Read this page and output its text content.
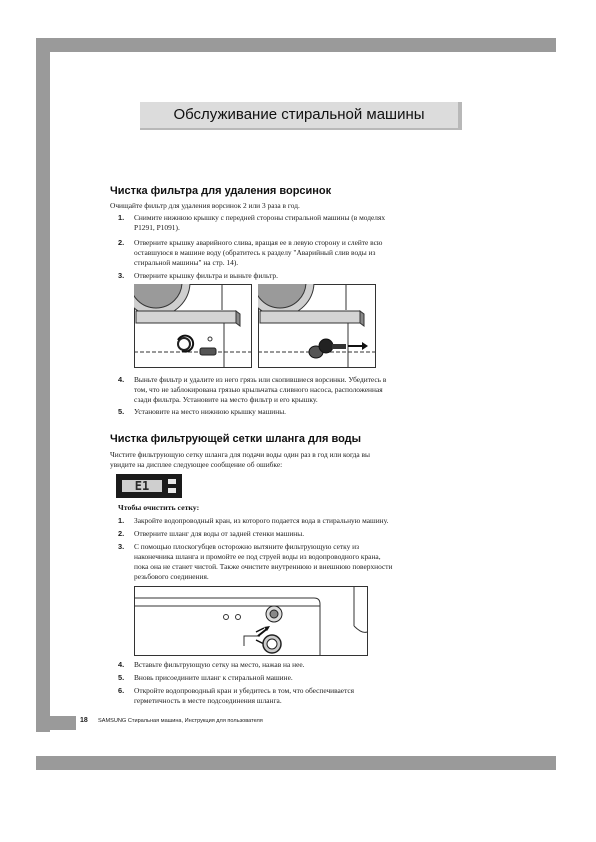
Обслуживание стиральной машины
Чистка фильтра для удаления ворсинок
Очищайте фильтр для удаления ворсинок 2 или 3 раза в год.
1. Снимите нижнюю крышку с передней стороны стиральной машины (в моделях
P1291, P1091).
2. Отверните крышку аварийного слива, вращая ее в левую сторону и слейте всю
оставшуюся в машине воду (обратитесь к разделу "Аварийный слив воды из
стиральной машины" на стр. 14).
3. Отверните крышку фильтра и выньте фильтр.
4. Выньте фильтр и удалите из него грязь или скопившиеся ворсинки. Убедитесь в
том, что не заблокирована грязью крыльчатка сливного насоса, расположенная
сзади фильтра. Установите на место фильтр и его крышку.
5. Установите на место нижнюю крышку машины.
Чистка фильтрующей сетки шланга для воды
Чистите фильтрующую сетку шланга для подачи воды один раз в год или когда вы
увидите на дисплее следующее сообщение об ошибке:
E1
Чтобы очистить сетку:
1. Закройте водопроводный кран, из которого подается вода в стиральную машину.
2. Отверните шланг для воды от задней стенки машины.
3. С помощью плоскогубцев осторожно вытяните фильтрующую сетку из
наконечника шланга и промойте ее под струей воды из водопроводного крана,
пока она не станет чистой. Также очистите внутреннюю и внешнюю поверхности
резьбового соединения.
4. Вставьте фильтрующую сетку на место, нажав на нее.
5. Вновь присоедините шланг к стиральной машине.
6. Откройте водопроводный кран и убедитесь в том, что обеспечивается
герметичность в месте подсоединения шланга.
18 SAMSUNG Стиральная машина, Инструкция для пользователя
